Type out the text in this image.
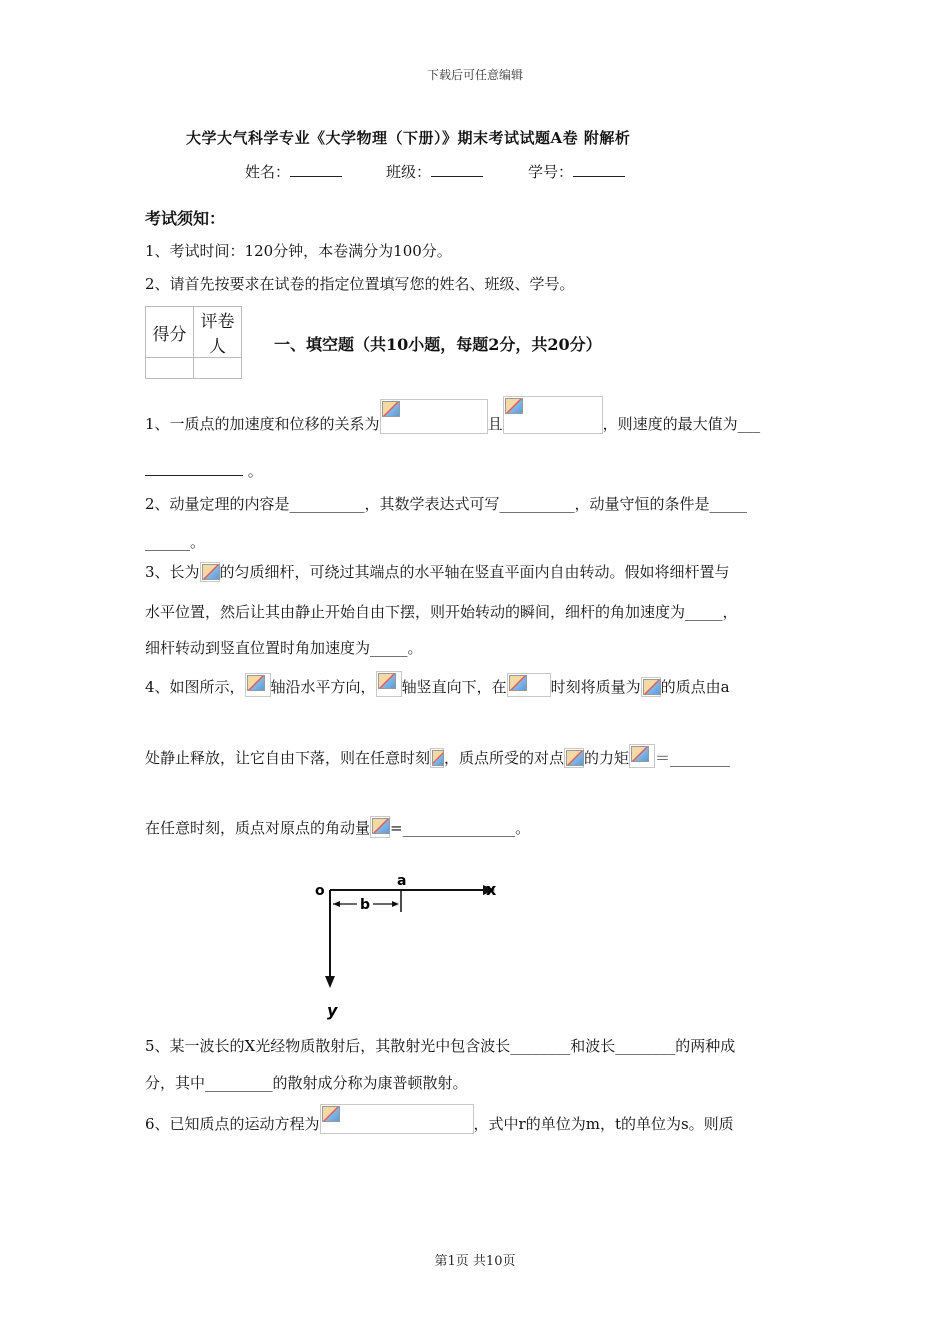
下载后可任意编辑
大学大气科学专业《大学物理（下册）》期末考试试题A卷 附解析
姓名：	班级：	学号：
考试须知：
1、考试时间：120分钟，本卷满分为100分。
2、请首先按要求在试卷的指定位置填写您的姓名、班级、学号。
得分	评卷人
		一、填空题（共10小题，每题2分，共20分）
1、一质点的加速度和位移的关系为	且	，则速度的最大值为___
。
2、动量定理的内容是__________，其数学表达式可写__________，动量守恒的条件是_____
______。
3、长为 的匀质细杆，可绕过其端点的水平轴在竖直平面内自由转动。假如将细杆置与
水平位置，然后让其由静止开始自由下摆，则开始转动的瞬间，细杆的角加速度为_____，
细杆转动到竖直位置时角加速度为_____。
4、如图所示， 轴沿水平方向， 轴竖直向下，在	时刻将质量为 的质点由a
处静止释放，让它自由下落，则在任意时刻 ，质点所受的对点 的力矩 ＝________
在任意时刻，质点对原点的角动量 =_______________。
o	x
a
b
y
5、某一波长的X光经物质散射后，其散射光中包含波长________和波长________的两种成
分，其中_________的散射成分称为康普顿散射。
6、已知质点的运动方程为	，式中r的单位为m，t的单位为s。则质
第1页 共10页
